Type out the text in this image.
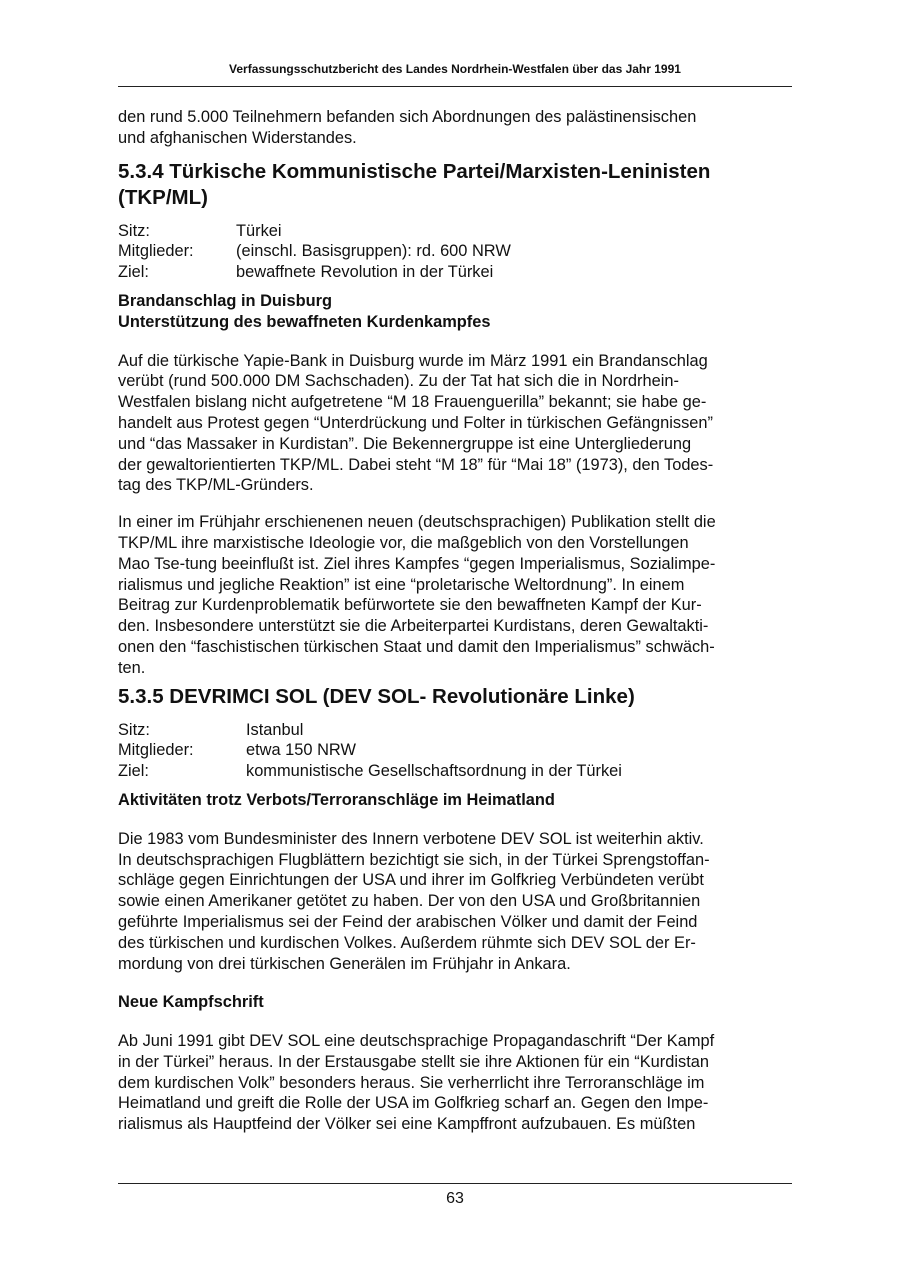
Verfassungsschutzbericht des Landes Nordrhein-Westfalen über das Jahr 1991

den rund 5.000 Teilnehmern befanden sich Abordnungen des palästinensischen
und afghanischen Widerstandes.

5.3.4 Türkische Kommunistische Partei/Marxisten-Leninisten
(TKP/ML)
Sitz:	Türkei
Mitglieder:	(einschl. Basisgruppen): rd. 600 NRW
Ziel:	bewaffnete Revolution in der Türkei

Brandanschlag in Duisburg
Unterstützung des bewaffneten Kurdenkampfes

Auf die türkische Yapie-Bank in Duisburg wurde im März 1991 ein Brandanschlag
verübt (rund 500.000 DM Sachschaden). Zu der Tat hat sich die in Nordrhein-
Westfalen bislang nicht aufgetretene “M 18 Frauenguerilla” bekannt; sie habe ge-
handelt aus Protest gegen “Unterdrückung und Folter in türkischen Gefängnissen”
und “das Massaker in Kurdistan”. Die Bekennergruppe ist eine Untergliederung
der gewaltorientierten TKP/ML. Dabei steht “M 18” für “Mai 18” (1973), den Todes-
tag des TKP/ML-Gründers.

In einer im Frühjahr erschienenen neuen (deutschsprachigen) Publikation stellt die
TKP/ML ihre marxistische Ideologie vor, die maßgeblich von den Vorstellungen
Mao Tse-tung beeinflußt ist. Ziel ihres Kampfes “gegen Imperialismus, Sozialimpe-
rialismus und jegliche Reaktion” ist eine “proletarische Weltordnung”. In einem
Beitrag zur Kurdenproblematik befürwortete sie den bewaffneten Kampf der Kur-
den. Insbesondere unterstützt sie die Arbeiterpartei Kurdistans, deren Gewaltakti-
onen den “faschistischen türkischen Staat und damit den Imperialismus” schwäch-
ten.

5.3.5 DEVRIMCI SOL (DEV SOL- Revolutionäre Linke)
Sitz:	Istanbul
Mitglieder:	etwa 150 NRW
Ziel:	kommunistische Gesellschaftsordnung in der Türkei

Aktivitäten trotz Verbots/Terroranschläge im Heimatland

Die 1983 vom Bundesminister des Innern verbotene DEV SOL ist weiterhin aktiv.
In deutschsprachigen Flugblättern bezichtigt sie sich, in der Türkei Sprengstoffan-
schläge gegen Einrichtungen der USA und ihrer im Golfkrieg Verbündeten verübt
sowie einen Amerikaner getötet zu haben. Der von den USA und Großbritannien
geführte Imperialismus sei der Feind der arabischen Völker und damit der Feind
des türkischen und kurdischen Volkes. Außerdem rühmte sich DEV SOL der Er-
mordung von drei türkischen Generälen im Frühjahr in Ankara.

Neue Kampfschrift

Ab Juni 1991 gibt DEV SOL eine deutschsprachige Propagandaschrift “Der Kampf
in der Türkei” heraus. In der Erstausgabe stellt sie ihre Aktionen für ein “Kurdistan
dem kurdischen Volk” besonders heraus. Sie verherrlicht ihre Terroranschläge im
Heimatland und greift die Rolle der USA im Golfkrieg scharf an. Gegen den Impe-
rialismus als Hauptfeind der Völker sei eine Kampffront aufzubauen. Es müßten

63
